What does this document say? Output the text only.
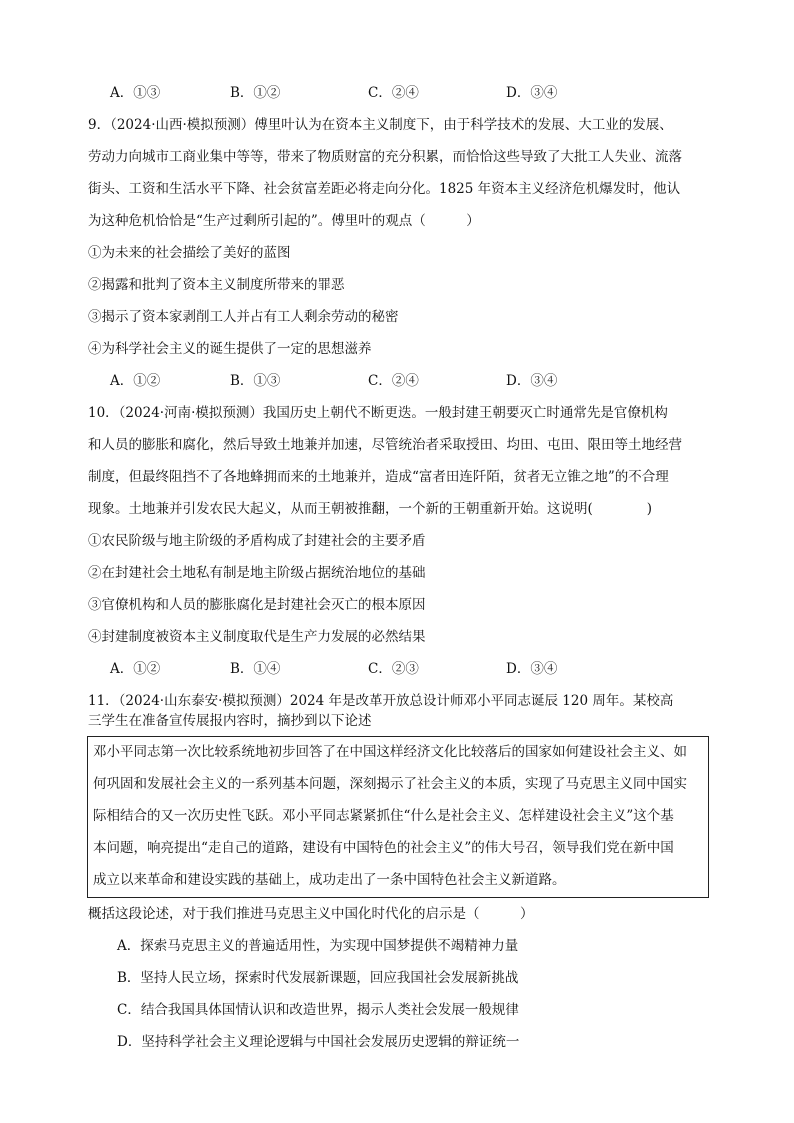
A．①③	B．①②	C．②④	D．③④
9．（2024·山西·模拟预测）傅里叶认为在资本主义制度下，由于科学技术的发展、大工业的发展、
劳动力向城市工商业集中等等，带来了物质财富的充分积累，而恰恰这些导致了大批工人失业、流落
街头、工资和生活水平下降、社会贫富差距必将走向分化。1825 年资本主义经济危机爆发时，他认
为这种危机恰恰是“生产过剩所引起的”。傅里叶的观点（　　　）
①为未来的社会描绘了美好的蓝图
②揭露和批判了资本主义制度所带来的罪恶
③揭示了资本家剥削工人并占有工人剩余劳动的秘密
④为科学社会主义的诞生提供了一定的思想滋养
A．①②	B．①③	C．②④	D．③④
10．（2024·河南·模拟预测）我国历史上朝代不断更迭。一般封建王朝要灭亡时通常先是官僚机构
和人员的膨胀和腐化，然后导致土地兼并加速，尽管统治者采取授田、均田、屯田、限田等土地经营
制度，但最终阻挡不了各地蜂拥而来的土地兼并，造成“富者田连阡陌，贫者无立锥之地”的不合理
现象。土地兼并引发农民大起义，从而王朝被推翻，一个新的王朝重新开始。这说明(　　　　)
①农民阶级与地主阶级的矛盾构成了封建社会的主要矛盾
②在封建社会土地私有制是地主阶级占据统治地位的基础
③官僚机构和人员的膨胀腐化是封建社会灭亡的根本原因
④封建制度被资本主义制度取代是生产力发展的必然结果
A．①②	B．①④	C．②③	D．③④
11．（2024·山东泰安·模拟预测）2024 年是改革开放总设计师邓小平同志诞辰 120 周年。某校高
三学生在准备宣传展报内容时，摘抄到以下论述
邓小平同志第一次比较系统地初步回答了在中国这样经济文化比较落后的国家如何建设社会主义、如
何巩固和发展社会主义的一系列基本问题，深刻揭示了社会主义的本质，实现了马克思主义同中国实
际相结合的又一次历史性飞跃。邓小平同志紧紧抓住“什么是社会主义、怎样建设社会主义”这个基
本问题，响亮提出“走自己的道路，建设有中国特色的社会主义”的伟大号召，领导我们党在新中国
成立以来革命和建设实践的基础上，成功走出了一条中国特色社会主义新道路。
概括这段论述，对于我们推进马克思主义中国化时代化的启示是（　　　）
A．探索马克思主义的普遍适用性，为实现中国梦提供不竭精神力量
B．坚持人民立场，探索时代发展新课题，回应我国社会发展新挑战
C．结合我国具体国情认识和改造世界，揭示人类社会发展一般规律
D．坚持科学社会主义理论逻辑与中国社会发展历史逻辑的辩证统一
